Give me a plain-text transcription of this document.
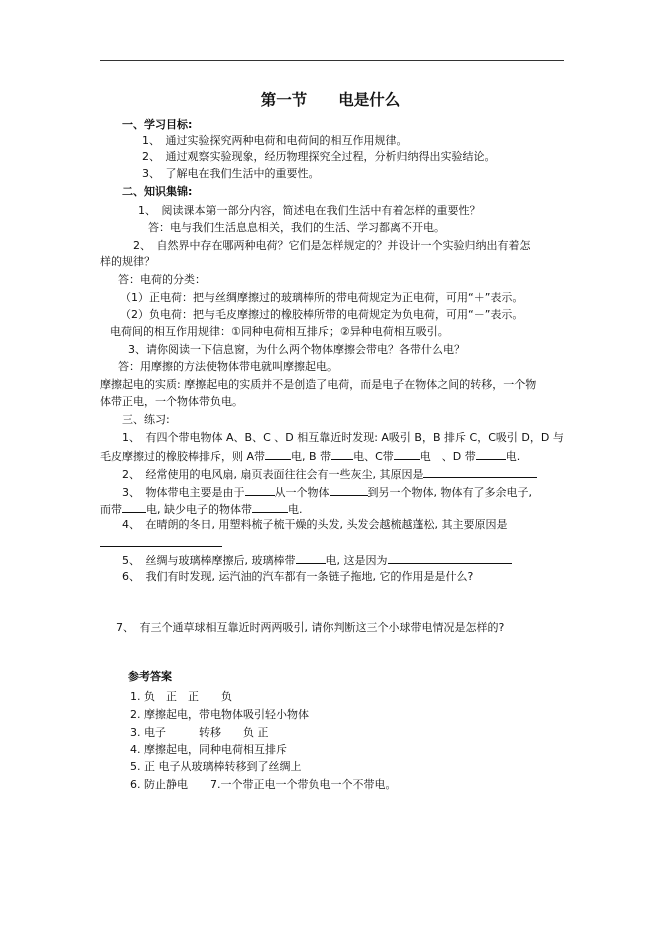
第一节　　电是什么
一、学习目标:
1、　通过实验探究两种电荷和电荷间的相互作用规律。
2、　通过观察实验现象，经历物理探究全过程，分析归纳得出实验结论。
3、　了解电在我们生活中的重要性。
二、知识集锦:
1、　阅读课本第一部分内容，简述电在我们生活中有着怎样的重要性？
答：电与我们生活息息相关，我们的生活、学习都离不开电。
2、　自然界中存在哪两种电荷？它们是怎样规定的？并设计一个实验归纳出有着怎
样的规律？
答：电荷的分类：
（1）正电荷：把与丝绸摩擦过的玻璃棒所的带电荷规定为正电荷，可用“＋”表示。
（2）负电荷：把与毛皮摩擦过的橡胶棒所带的电荷规定为负电荷，可用“－”表示。
电荷间的相互作用规律：①同种电荷相互排斥；②异种电荷相互吸引。
3、请你阅读一下信息窗，为什么两个物体摩擦会带电？各带什么电？
答：用摩擦的方法使物体带电就叫摩擦起电。
摩擦起电的实质: 摩擦起电的实质并不是创造了电荷，而是电子在物体之间的转移，一个物
体带正电，一个物体带负电。
三、练习:
1、　有四个带电物体 A、B、C 、D 相互靠近时发现: A吸引 B，B 排斥 C，C吸引 D，D 与
毛皮摩擦过的橡胶棒排斥，则 A带 电, B 带 电、C带 电　、D 带	电.
2、　经常使用的电风扇, 扇页表面往往会有一些灰尘, 其原因是
3、　物体带电主要是由于	从一个物体	到另一个物体, 物体有了多余电子,
而带 电, 缺少电子的物体带	电.
4、　在晴朗的冬日, 用塑料梳子梳干燥的头发, 头发会越梳越蓬松, 其主要原因是
5、　丝绸与玻璃棒摩擦后, 玻璃棒带	电, 这是因为
6、　我们有时发现, 运汽油的汽车都有一条链子拖地, 它的作用是是什么?
7、　有三个通草球相互靠近时两两吸引, 请你判断这三个小球带电情况是怎样的?
参考答案
1. 负　正　正　　负
2. 摩擦起电，带电物体吸引轻小物体
3. 电子　　　转移　　负 正
4. 摩擦起电，同种电荷相互排斥
5. 正 电子从玻璃棒转移到了丝绸上
6. 防止静电　　7.一个带正电一个带负电一个不带电。
